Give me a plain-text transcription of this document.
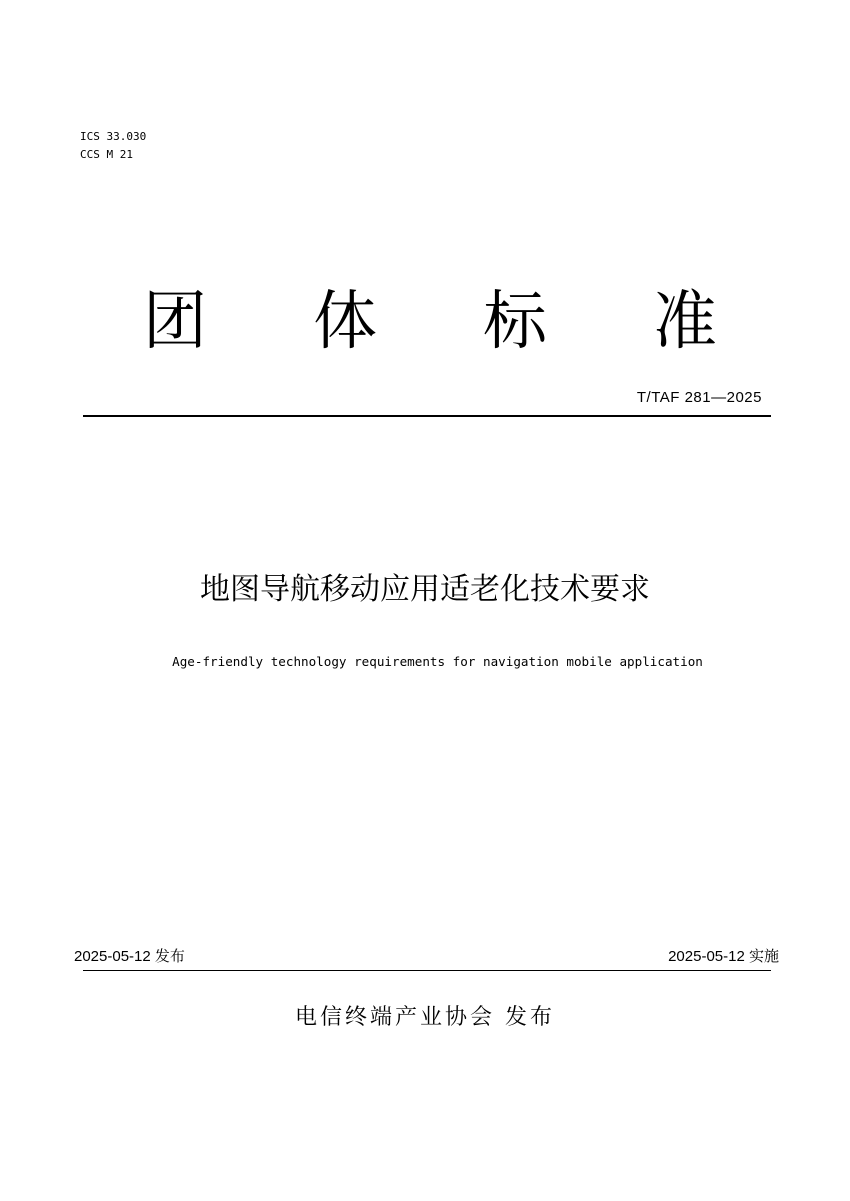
ICS 33.030
CCS M 21
团	体	标	准
T/TAF 281—2025
地图导航移动应用适老化技术要求
Age-friendly technology requirements for navigation mobile application
2025-05-12 发布	2025-05-12 实施
电信终端产业协会 发布
